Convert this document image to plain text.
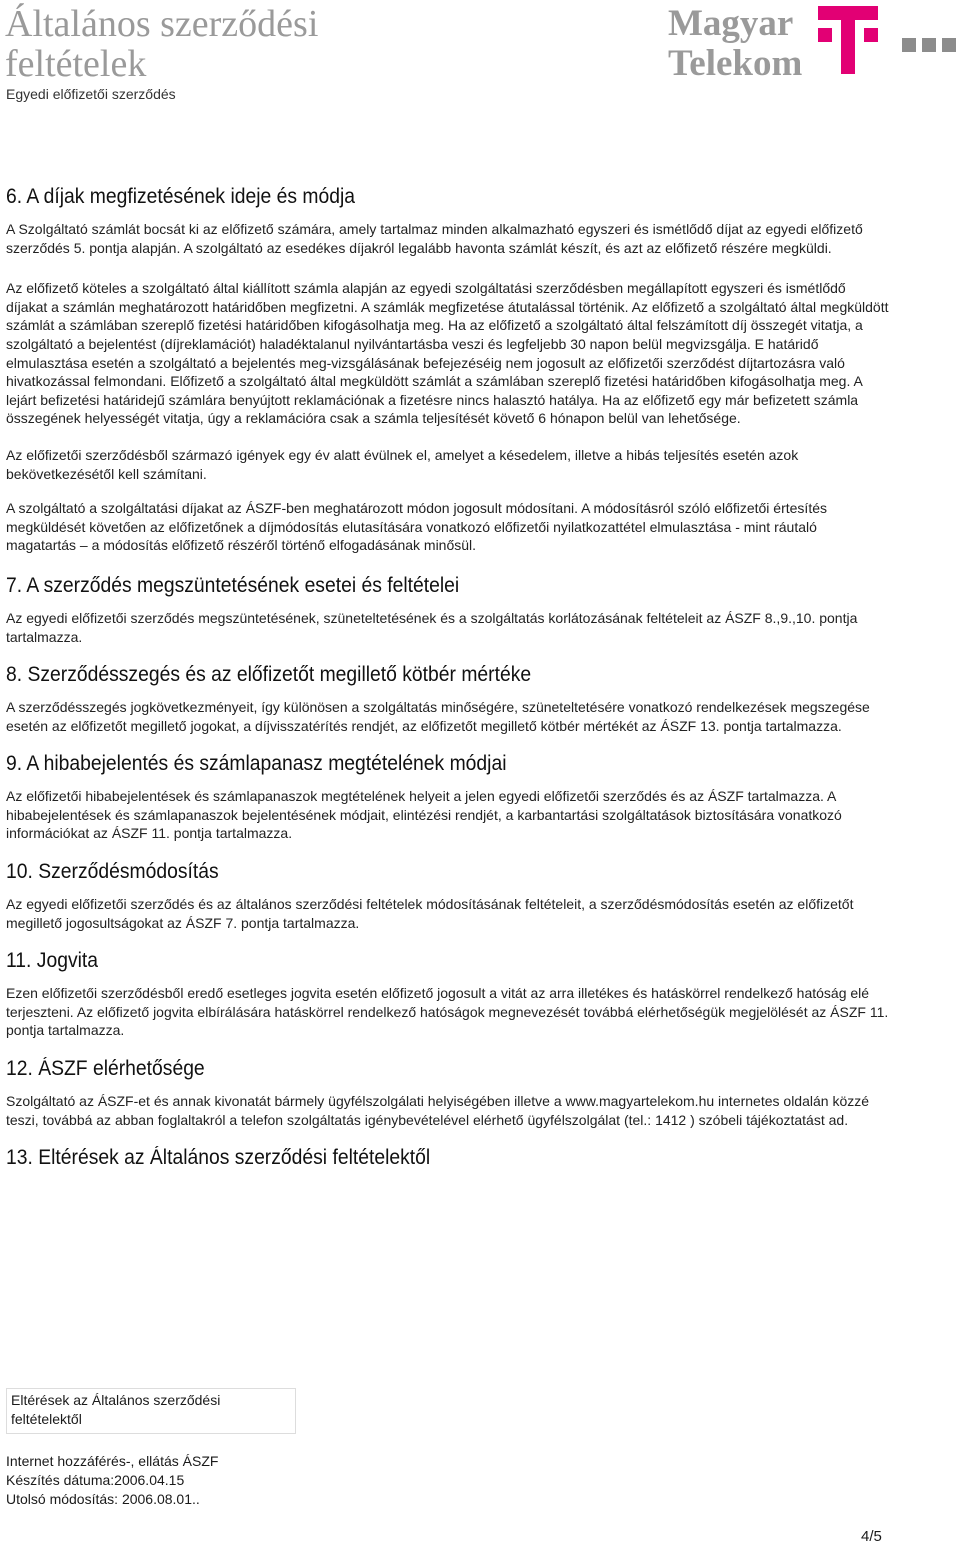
Általános szerződési feltételek
Egyedi előfizetői szerződés
Magyar Telekom
6. A díjak megfizetésének ideje és módja

A Szolgáltató számlát bocsát ki az előfizető számára, amely tartalmaz minden alkalmazható egyszeri és ismétlődő díjat az egyedi előfizető szerződés 5. pontja alapján. A szolgáltató az esedékes díjakról legalább havonta számlát készít, és azt az előfizető részére megküldi.

Az előfizető köteles a szolgáltató által kiállított számla alapján az egyedi szolgáltatási szerződésben megállapított egyszeri és ismétlődő díjakat a számlán meghatározott határidőben megfizetni. A számlák megfizetése átutalással történik. Az előfizető a szolgáltató által megküldött számlát a számlában szereplő fizetési határidőben kifogásolhatja meg. Ha az előfizető a szolgáltató által felszámított díj összegét vitatja, a szolgáltató a bejelentést (díjreklamációt) haladéktalanul nyilvántartásba veszi és legfeljebb 30 napon belül megvizsgálja. E határidő elmulasztása esetén a szolgáltató a bejelentés meg-vizsgálásának befejezéséig nem jogosult az előfizetői szerződést díjtartozásra való hivatkozással felmondani. Előfizető a szolgáltató által megküldött számlát a számlában szereplő fizetési határidőben kifogásolhatja meg. A lejárt befizetési határidejű számlára benyújtott reklamációnak a fizetésre nincs halasztó hatálya. Ha az előfizető egy már befizetett számla összegének helyességét vitatja, úgy a reklamációra csak a számla teljesítését követő 6 hónapon belül van lehetősége.

Az előfizetői szerződésből származó igények egy év alatt évülnek el, amelyet a késedelem, illetve a hibás teljesítés esetén azok bekövetkezésétől kell számítani.

A szolgáltató a szolgáltatási díjakat az ÁSZF-ben meghatározott módon jogosult módosítani. A módosításról szóló előfizetői értesítés megküldését követően az előfizetőnek a díjmódosítás elutasítására vonatkozó előfizetői nyilatkozattétel elmulasztása - mint ráutaló magatartás – a módosítás előfizető részéről történő elfogadásának minősül.

7. A szerződés megszüntetésének esetei és feltételei

Az egyedi előfizetői szerződés megszüntetésének, szüneteltetésének és a szolgáltatás korlátozásának feltételeit az ÁSZF 8.,9.,10. pontja tartalmazza.

8. Szerződésszegés és az előfizetőt megillető kötbér mértéke

A szerződésszegés jogkövetkezményeit, így különösen a szolgáltatás minőségére, szüneteltetésére vonatkozó rendelkezések megszegése esetén az előfizetőt megillető jogokat, a díjvisszatérítés rendjét, az előfizetőt megillető kötbér mértékét az ÁSZF 13. pontja tartalmazza.

9. A hibabejelentés és számlapanasz megtételének módjai

Az előfizetői hibabejelentések és számlapanaszok megtételének helyeit a jelen egyedi előfizetői szerződés és az ÁSZF tartalmazza. A hibabejelentések és számlapanaszok bejelentésének módjait, elintézési rendjét, a karbantartási szolgáltatások biztosítására vonatkozó információkat az ÁSZF 11. pontja tartalmazza.

10. Szerződésmódosítás

Az egyedi előfizetői szerződés és az általános szerződési feltételek módosításának feltételeit, a szerződésmódosítás esetén az előfizetőt megillető jogosultságokat az ÁSZF 7. pontja tartalmazza.

11. Jogvita

Ezen előfizetői szerződésből eredő esetleges jogvita esetén előfizető jogosult a vitát az arra illetékes és hatáskörrel rendelkező hatóság elé terjeszteni. Az előfizető jogvita elbírálására hatáskörrel rendelkező hatóságok megnevezését továbbá elérhetőségük megjelölését az ÁSZF 11. pontja tartalmazza.

12. ÁSZF elérhetősége

Szolgáltató az ÁSZF-et és annak kivonatát bármely ügyfélszolgálati helyiségében illetve a www.magyartelekom.hu internetes oldalán közzé teszi, továbbá az abban foglaltakról a telefon szolgáltatás igénybevételével elérhető ügyfélszolgálat (tel.: 1412 ) szóbeli tájékoztatást ad.

13. Eltérések az Általános szerződési feltételektől
Eltérések az Általános szerződési feltételektől
Internet hozzáférés-, ellátás ÁSZF
Készítés dátuma:2006.04.15
Utolsó módosítás: 2006.08.01..
4/5
